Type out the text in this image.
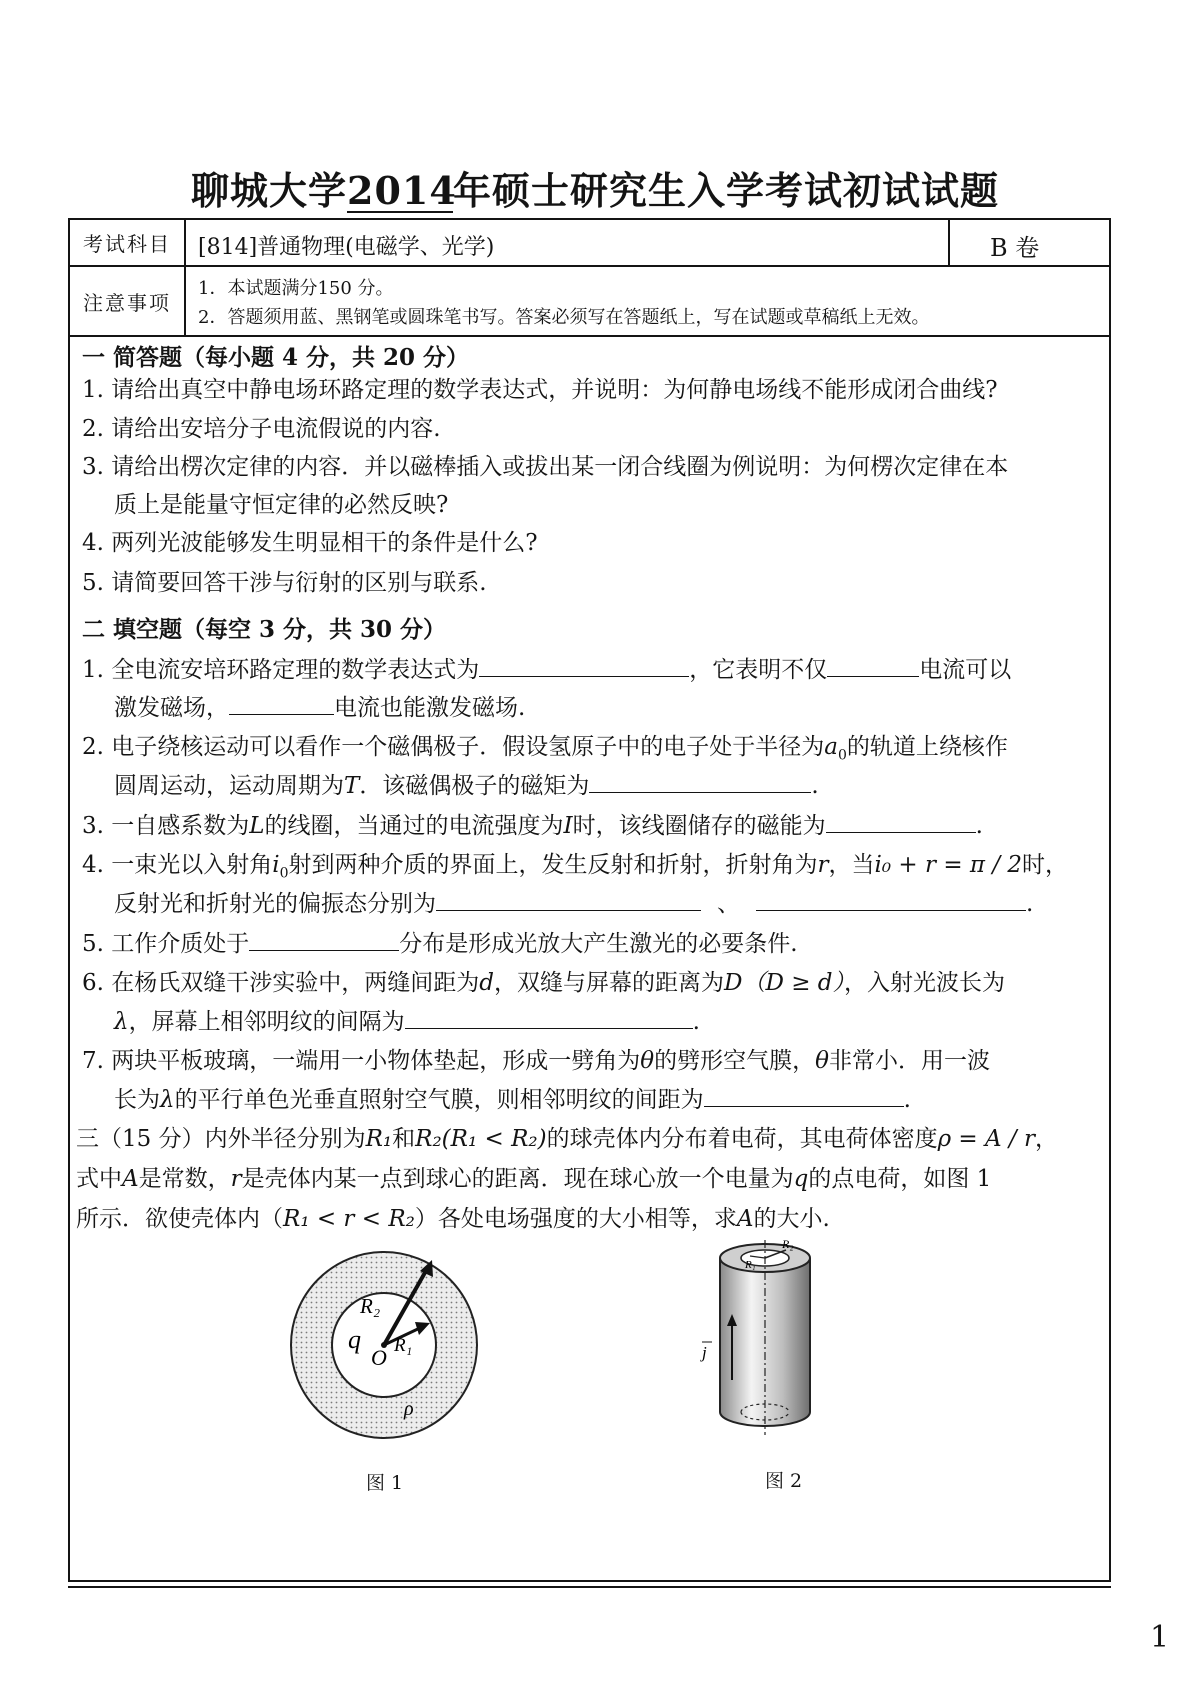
聊城大学2014年硕士研究生入学考试初试试题
考试科目	[814]普通物理(电磁学、光学)	B 卷
注意事项
1．本试题满分150 分。
2．答题须用蓝、黑钢笔或圆珠笔书写。答案必须写在答题纸上，写在试题或草稿纸上无效。
一 简答题（每小题 4 分，共 20 分）
1. 请给出真空中静电场环路定理的数学表达式，并说明：为何静电场线不能形成闭合曲线?
2. 请给出安培分子电流假说的内容.
3. 请给出楞次定律的内容．并以磁棒插入或拔出某一闭合线圈为例说明：为何楞次定律在本
质上是能量守恒定律的必然反映?
4. 两列光波能够发生明显相干的条件是什么?
5. 请简要回答干涉与衍射的区别与联系.
二 填空题（每空 3 分，共 30 分）
1. 全电流安培环路定理的数学表达式为	，它表明不仅	电流可以
激发磁场，	电流也能激发磁场.
2. 电子绕核运动可以看作一个磁偶极子．假设氢原子中的电子处于半径为$a_0$的轨道上绕核作
圆周运动，运动周期为T．该磁偶极子的磁矩为	.
3. 一自感系数为L的线圈，当通过的电流强度为I时，该线圈储存的磁能为	.
4. 一束光以入射角$i_0$射到两种介质的界面上，发生反射和折射，折射角为r，当i₀ + r = π / 2时，
反射光和折射光的偏振态分别为	、	.
5. 工作介质处于	分布是形成光放大产生激光的必要条件.
6. 在杨氏双缝干涉实验中，两缝间距为d，双缝与屏幕的距离为D（D ≥ d），入射光波长为
λ，屏幕上相邻明纹的间隔为	.
7. 两块平板玻璃，一端用一小物体垫起，形成一劈角为θ的劈形空气膜，θ非常小．用一波
长为λ的平行单色光垂直照射空气膜，则相邻明纹的间距为	.
三（15 分）内外半径分别为R₁和R₂(R₁ < R₂)的球壳体内分布着电荷，其电荷体密度ρ = A / r，
式中A是常数，r是壳体内某一点到球心的距离．现在球心放一个电量为q的点电荷，如图 1
所示．欲使壳体内（R₁ < r < R₂）各处电场强度的大小相等，求A的大小.
R₂
R₁
q
O
ρ
图 1
R₂
R₁
j
图 2
1
